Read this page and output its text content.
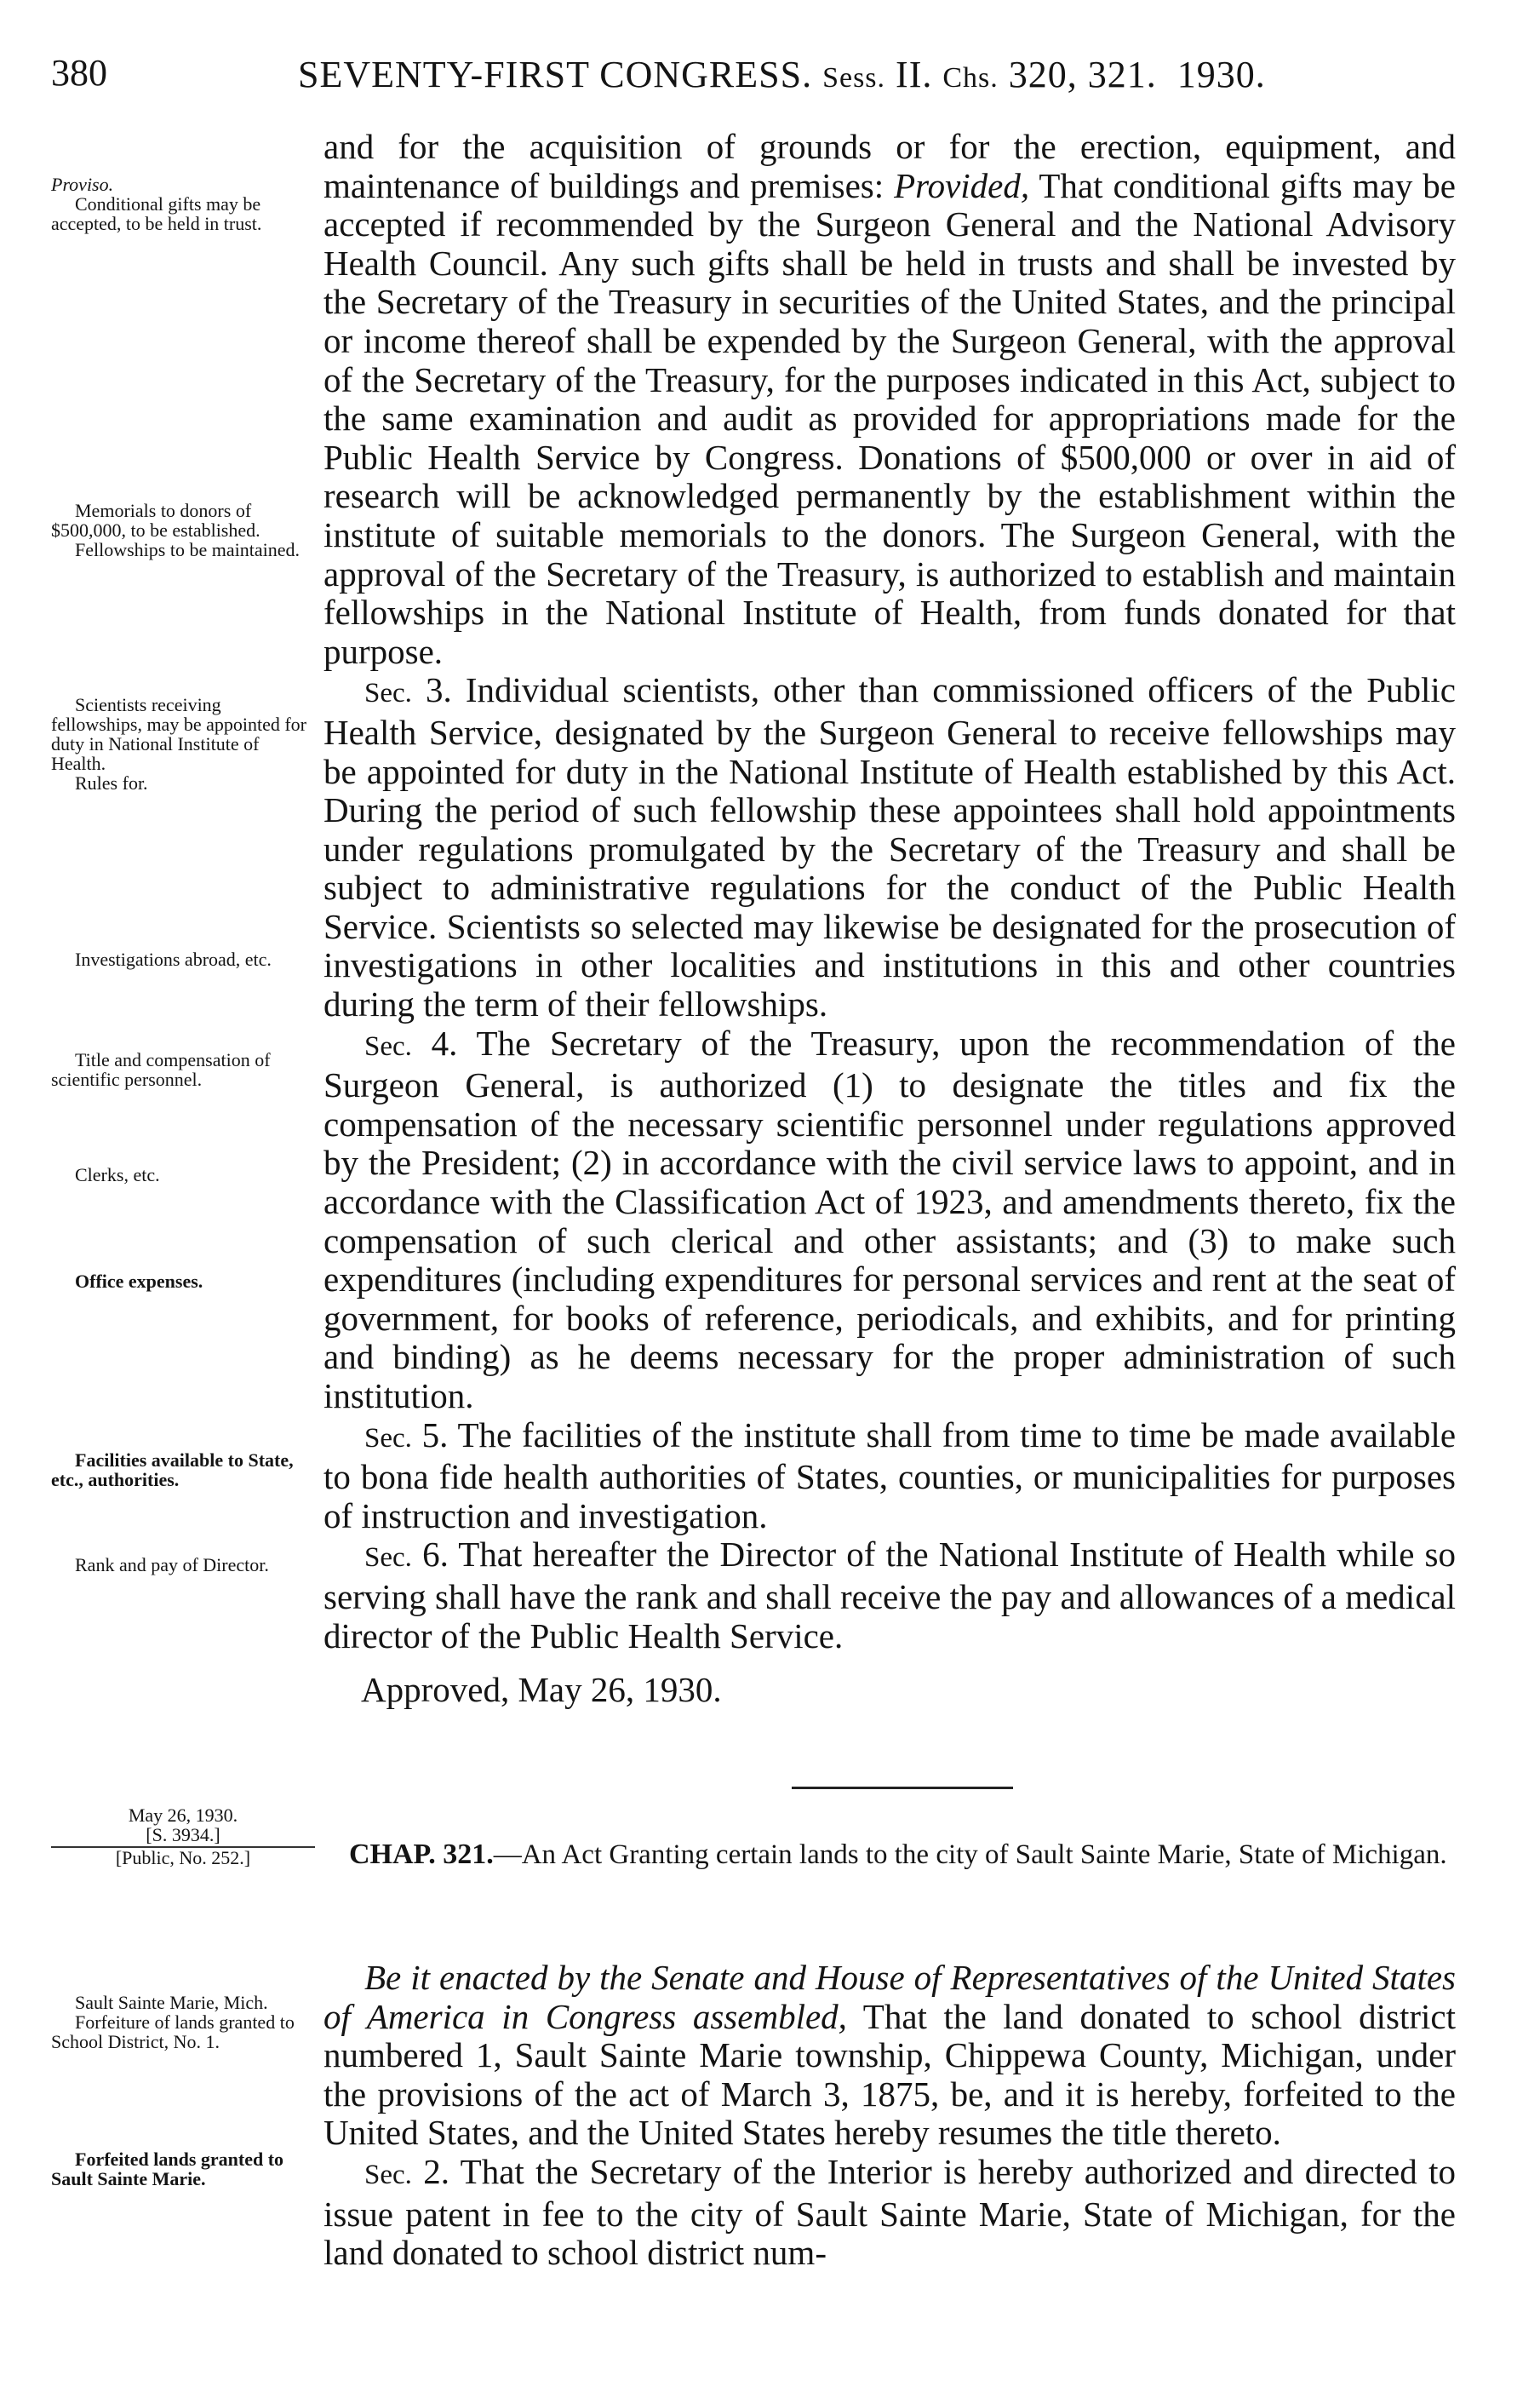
380	SEVENTY-FIRST CONGRESS. Sess. II. Chs. 320, 321. 1930.

and for the acquisition of grounds or for the erection, equipment, and maintenance of buildings and premises: Provided, That conditional gifts may be accepted if recommended by the Surgeon General and the National Advisory Health Council. Any such gifts shall be held in trusts and shall be invested by the Secretary of the Treasury in securities of the United States, and the principal or income thereof shall be expended by the Surgeon General, with the approval of the Secretary of the Treasury, for the purposes indicated in this Act, subject to the same examination and audit as provided for appropriations made for the Public Health Service by Congress. Donations of $500,000 or over in aid of research will be acknowledged permanently by the establishment within the institute of suitable memorials to the donors. The Surgeon General, with the approval of the Secretary of the Treasury, is authorized to establish and maintain fellowships in the National Institute of Health, from funds donated for that purpose.

Sec. 3. Individual scientists, other than commissioned officers of the Public Health Service, designated by the Surgeon General to receive fellowships may be appointed for duty in the National Institute of Health established by this Act. During the period of such fellowship these appointees shall hold appointments under regulations promulgated by the Secretary of the Treasury and shall be subject to administrative regulations for the conduct of the Public Health Service. Scientists so selected may likewise be designated for the prosecution of investigations in other localities and institutions in this and other countries during the term of their fellowships.

Sec. 4. The Secretary of the Treasury, upon the recommendation of the Surgeon General, is authorized (1) to designate the titles and fix the compensation of the necessary scientific personnel under regulations approved by the President; (2) in accordance with the civil service laws to appoint, and in accordance with the Classification Act of 1923, and amendments thereto, fix the compensation of such clerical and other assistants; and (3) to make such expenditures (including expenditures for personal services and rent at the seat of government, for books of reference, periodicals, and exhibits, and for printing and binding) as he deems necessary for the proper administration of such institution.

Sec. 5. The facilities of the institute shall from time to time be made available to bona fide health authorities of States, counties, or municipalities for purposes of instruction and investigation.

Sec. 6. That hereafter the Director of the National Institute of Health while so serving shall have the rank and shall receive the pay and allowances of a medical director of the Public Health Service.

Approved, May 26, 1930.

Proviso.
Conditional gifts may be accepted, to be held in trust.
Memorials to donors of $500,000, to be established.
Fellowships to be maintained.
Scientists receiving fellowships, may be appointed for duty in National Institute of Health.
Rules for.
Investigations abroad, etc.
Title and compensation of scientific personnel.
Clerks, etc.
Office expenses.
Facilities available to State, etc., authorities.
Rank and pay of Director.
May 26, 1930.
[S. 3934.]
[Public, No. 252.]	CHAP. 321.—An Act Granting certain lands to the city of Sault Sainte Marie, State of Michigan.

Be it enacted by the Senate and House of Representatives of the United States of America in Congress assembled, That the land donated to school district numbered 1, Sault Sainte Marie township, Chippewa County, Michigan, under the provisions of the act of March 3, 1875, be, and it is hereby, forfeited to the United States, and the United States hereby resumes the title thereto.

Sec. 2. That the Secretary of the Interior is hereby authorized and directed to issue patent in fee to the city of Sault Sainte Marie, State of Michigan, for the land donated to school district num-

Sault Sainte Marie, Mich.
Forfeiture of lands granted to School District, No. 1.
Forfeited lands granted to Sault Sainte Marie.
